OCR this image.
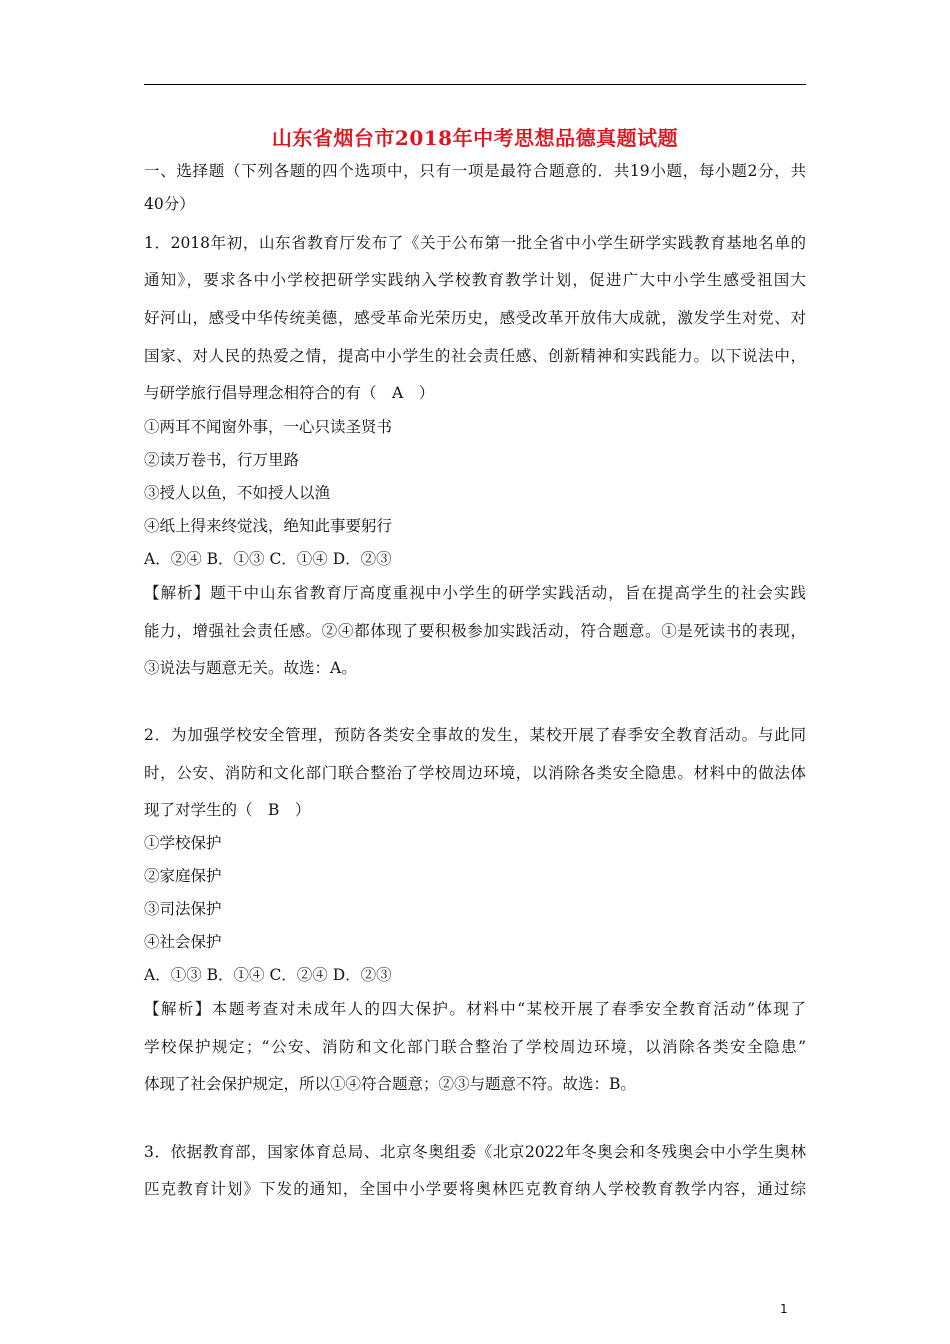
山东省烟台市2018年中考思想品德真题试题
一、选择题（下列各题的四个选项中，只有一项是最符合题意的．共19小题，每小题2分，共
40分）
1．2018年初，山东省教育厅发布了《关于公布第一批全省中小学生研学实践教育基地名单的
通知》，要求各中小学校把研学实践纳入学校教育教学计划，促进广大中小学生感受祖国大
好河山，感受中华传统美德，感受革命光荣历史，感受改革开放伟大成就，激发学生对党、对
国家、对人民的热爱之情，提高中小学生的社会责任感、创新精神和实践能力。以下说法中，
与研学旅行倡导理念相符合的有（　A　）
①两耳不闻窗外事，一心只读圣贤书
②读万卷书，行万里路
③授人以鱼，不如授人以渔
④纸上得来终觉浅，绝知此事要躬行
A．②④ B．①③ C．①④ D．②③
【解析】题干中山东省教育厅高度重视中小学生的研学实践活动，旨在提高学生的社会实践
能力，增强社会责任感。②④都体现了要积极参加实践活动，符合题意。①是死读书的表现，
③说法与题意无关。故选：A。
2．为加强学校安全管理，预防各类安全事故的发生，某校开展了春季安全教育活动。与此同
时，公安、消防和文化部门联合整治了学校周边环境，以消除各类安全隐患。材料中的做法体
现了对学生的（　B　）
①学校保护
②家庭保护
③司法保护
④社会保护
A．①③ B．①④ C．②④ D．②③
【解析】本题考查对未成年人的四大保护。材料中“某校开展了春季安全教育活动”体现了
学校保护规定；“公安、消防和文化部门联合整治了学校周边环境，以消除各类安全隐患”
体现了社会保护规定，所以①④符合题意；②③与题意不符。故选：B。
3．依据教育部，国家体育总局、北京冬奥组委《北京2022年冬奥会和冬残奥会中小学生奥林
匹克教育计划》下发的通知，全国中小学要将奥林匹克教育纳人学校教育教学内容，通过综
1
